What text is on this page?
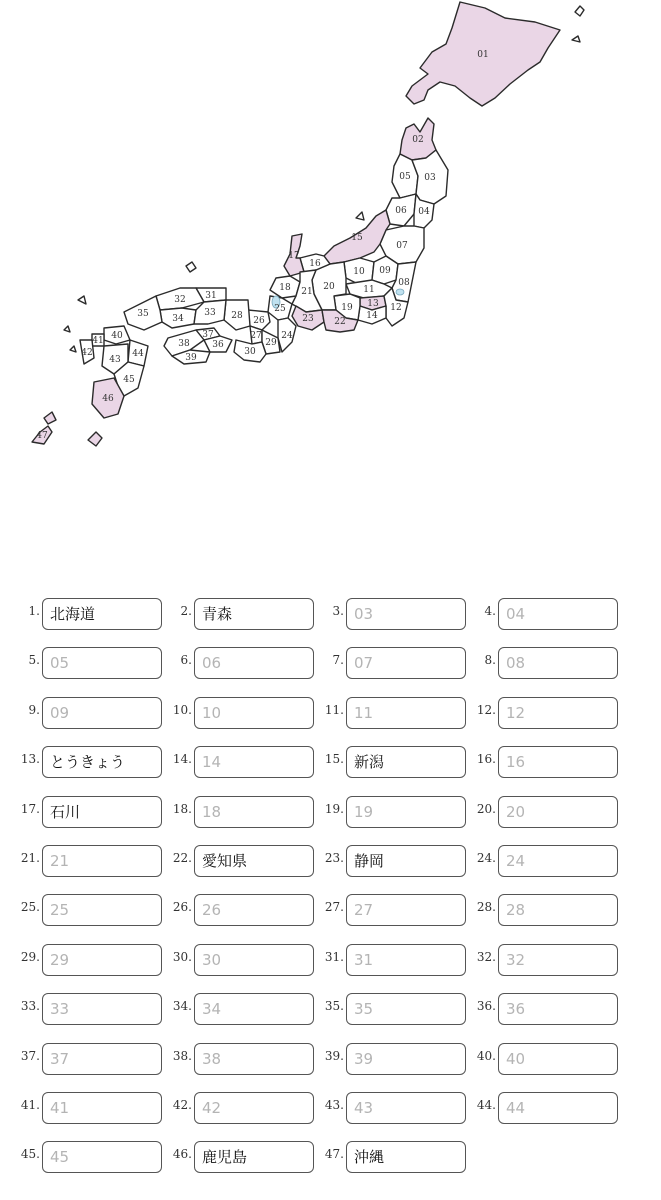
01
02
03
04
05
06
07
08
09
10
11
12
13
14
15
16
17
18
19
20
21
22
23
24
25
26
27
28
29
30
31
32
33
34
35
36
37
38
39
40
41
42
43
44
45
46
47
1. 北海道	2. 青森	3. 03	4. 04
5. 05	6. 06	7. 07	8. 08
9. 09	10. 10	11. 11	12. 12
13. とうきょう	14. 14	15. 新潟	16. 16
17. 石川	18. 18	19. 19	20. 20
21. 21	22. 愛知県	23. 静岡	24. 24
25. 25	26. 26	27. 27	28. 28
29. 29	30. 30	31. 31	32. 32
33. 33	34. 34	35. 35	36. 36
37. 37	38. 38	39. 39	40. 40
41. 41	42. 42	43. 43	44. 44
45. 45	46. 鹿児島	47. 沖縄
